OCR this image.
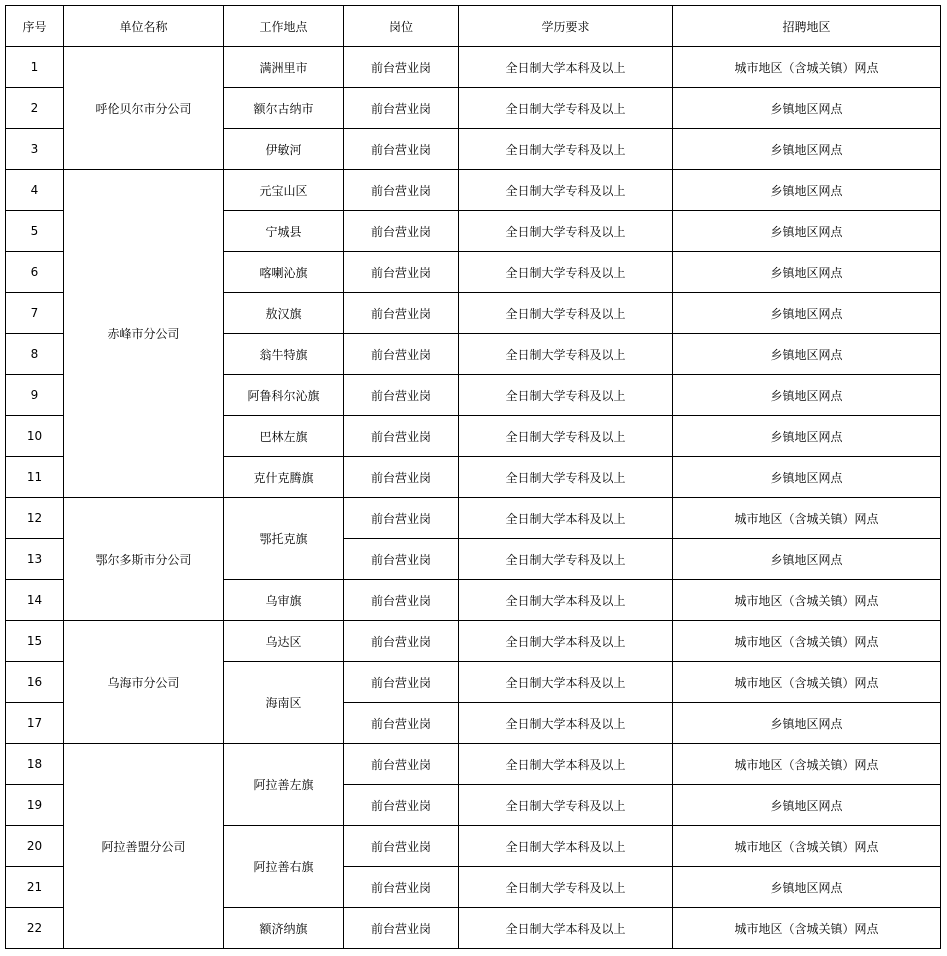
序号	单位名称	工作地点	岗位	学历要求	招聘地区
1	呼伦贝尔市分公司	满洲里市	前台营业岗	全日制大学本科及以上	城市地区（含城关镇）网点
2		额尔古纳市	前台营业岗	全日制大学专科及以上	乡镇地区网点
3		伊敏河	前台营业岗	全日制大学专科及以上	乡镇地区网点
4	赤峰市分公司	元宝山区	前台营业岗	全日制大学专科及以上	乡镇地区网点
5		宁城县	前台营业岗	全日制大学专科及以上	乡镇地区网点
6		喀喇沁旗	前台营业岗	全日制大学专科及以上	乡镇地区网点
7		敖汉旗	前台营业岗	全日制大学专科及以上	乡镇地区网点
8		翁牛特旗	前台营业岗	全日制大学专科及以上	乡镇地区网点
9		阿鲁科尔沁旗	前台营业岗	全日制大学专科及以上	乡镇地区网点
10		巴林左旗	前台营业岗	全日制大学专科及以上	乡镇地区网点
11		克什克腾旗	前台营业岗	全日制大学专科及以上	乡镇地区网点
12	鄂尔多斯市分公司	鄂托克旗	前台营业岗	全日制大学本科及以上	城市地区（含城关镇）网点
13			前台营业岗	全日制大学专科及以上	乡镇地区网点
14		乌审旗	前台营业岗	全日制大学本科及以上	城市地区（含城关镇）网点
15	乌海市分公司	乌达区	前台营业岗	全日制大学本科及以上	城市地区（含城关镇）网点
16		海南区	前台营业岗	全日制大学本科及以上	城市地区（含城关镇）网点
17			前台营业岗	全日制大学本科及以上	乡镇地区网点
18	阿拉善盟分公司	阿拉善左旗	前台营业岗	全日制大学本科及以上	城市地区（含城关镇）网点
19			前台营业岗	全日制大学专科及以上	乡镇地区网点
20		阿拉善右旗	前台营业岗	全日制大学本科及以上	城市地区（含城关镇）网点
21			前台营业岗	全日制大学专科及以上	乡镇地区网点
22		额济纳旗	前台营业岗	全日制大学本科及以上	城市地区（含城关镇）网点
